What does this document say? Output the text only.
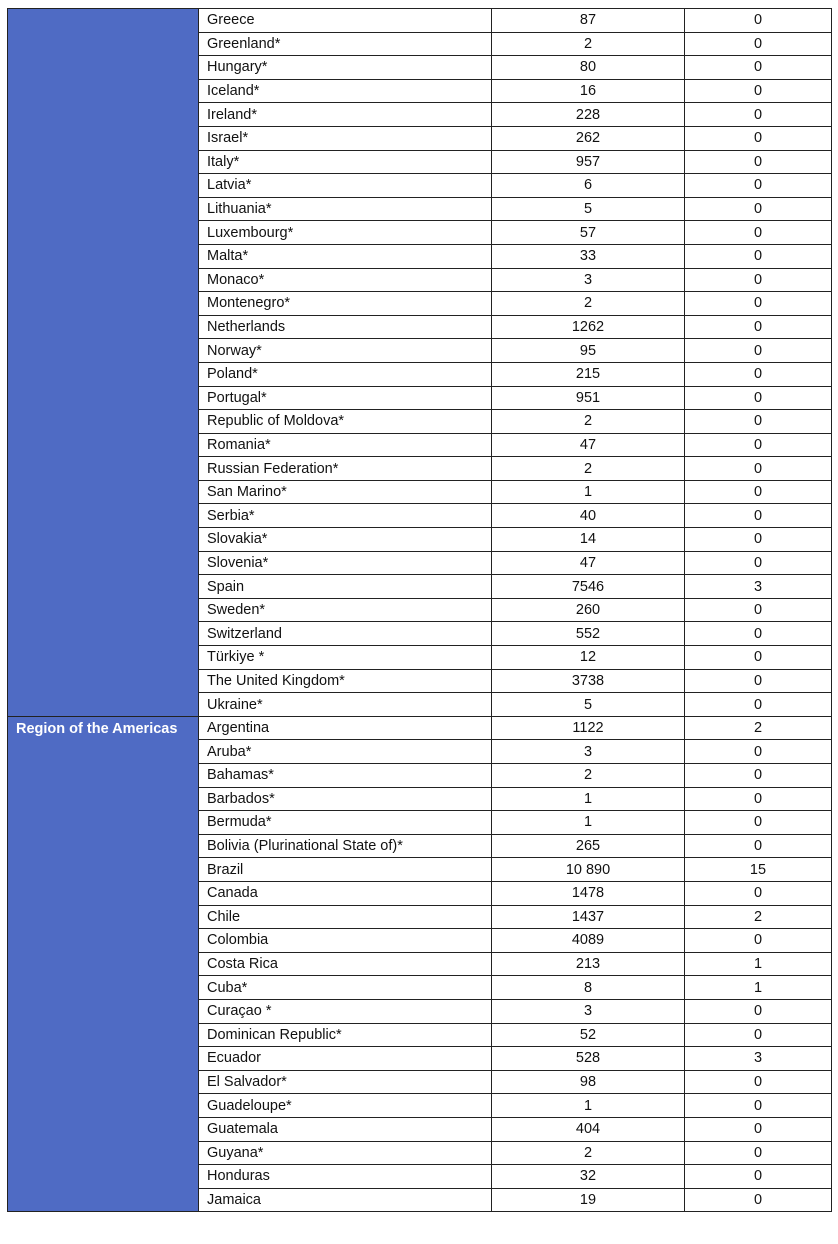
	Greece	87	0
	Greenland*	2	0
	Hungary*	80	0
	Iceland*	16	0
	Ireland*	228	0
	Israel*	262	0
	Italy*	957	0
	Latvia*	6	0
	Lithuania*	5	0
	Luxembourg*	57	0
	Malta*	33	0
	Monaco*	3	0
	Montenegro*	2	0
	Netherlands	1262	0
	Norway*	95	0
	Poland*	215	0
	Portugal*	951	0
	Republic of Moldova*	2	0
	Romania*	47	0
	Russian Federation*	2	0
	San Marino*	1	0
	Serbia*	40	0
	Slovakia*	14	0
	Slovenia*	47	0
	Spain	7546	3
	Sweden*	260	0
	Switzerland	552	0
	Türkiye *	12	0
	The United Kingdom*	3738	0
	Ukraine*	5	0
Region of the Americas	Argentina	1122	2
	Aruba*	3	0
	Bahamas*	2	0
	Barbados*	1	0
	Bermuda*	1	0
	Bolivia (Plurinational State of)*	265	0
	Brazil	10 890	15
	Canada	1478	0
	Chile	1437	2
	Colombia	4089	0
	Costa Rica	213	1
	Cuba*	8	1
	Curaçao *	3	0
	Dominican Republic*	52	0
	Ecuador	528	3
	El Salvador*	98	0
	Guadeloupe*	1	0
	Guatemala	404	0
	Guyana*	2	0
	Honduras	32	0
	Jamaica	19	0
